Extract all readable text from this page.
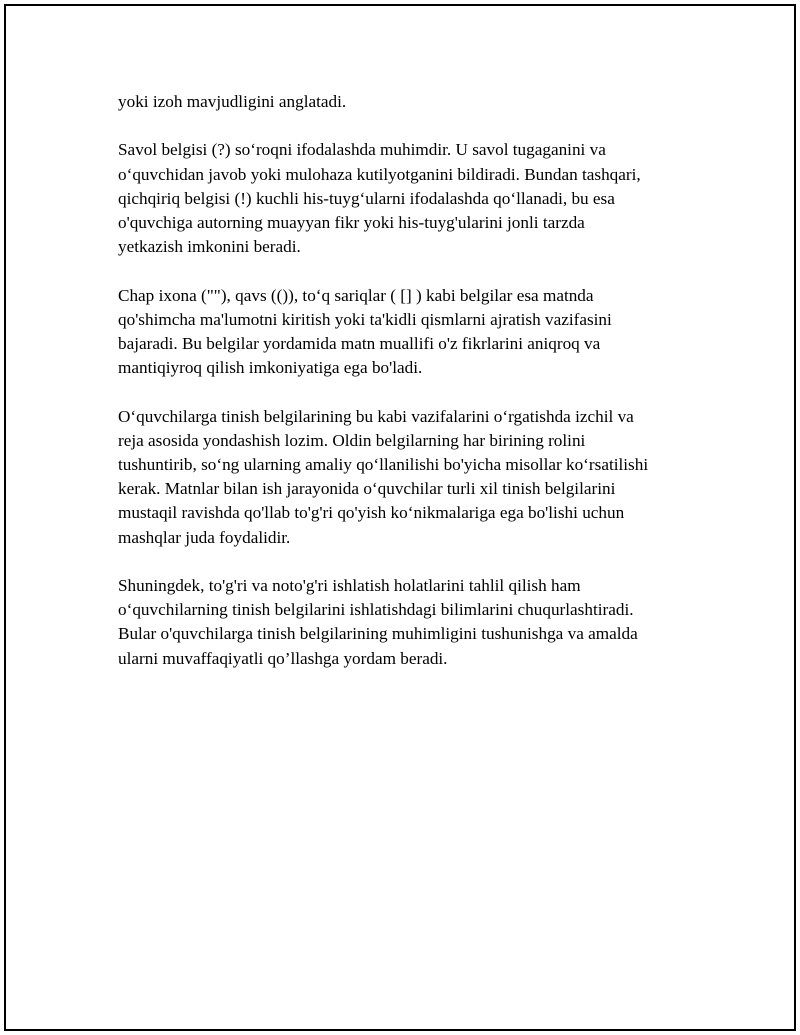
yoki izoh mavjudligini anglatadi.

Savol belgisi (?) so‘roqni ifodalashda muhimdir. U savol tugaganini va
o‘quvchidan javob yoki mulohaza kutilyotganini bildiradi. Bundan tashqari,
qichqiriq belgisi (!) kuchli his-tuyg‘ularni ifodalashda qo‘llanadi, bu esa
o'quvchiga autorning muayyan fikr yoki his-tuyg'ularini jonli tarzda
yetkazish imkonini beradi.

Chap ixona (""), qavs (()), to‘q sariqlar ( [] ) kabi belgilar esa matnda
qo'shimcha ma'lumotni kiritish yoki ta'kidli qismlarni ajratish vazifasini
bajaradi. Bu belgilar yordamida matn muallifi o'z fikrlarini aniqroq va
mantiqiyroq qilish imkoniyatiga ega bo'ladi.

O‘quvchilarga tinish belgilarining bu kabi vazifalarini o‘rgatishda izchil va
reja asosida yondashish lozim. Oldin belgilarning har birining rolini
tushuntirib, so‘ng ularning amaliy qo‘llanilishi bo'yicha misollar ko‘rsatilishi
kerak. Matnlar bilan ish jarayonida o‘quvchilar turli xil tinish belgilarini
mustaqil ravishda qo'llab to'g'ri qo'yish ko‘nikmalariga ega bo'lishi uchun
mashqlar juda foydalidir.

Shuningdek, to'g'ri va noto'g'ri ishlatish holatlarini tahlil qilish ham
o‘quvchilarning tinish belgilarini ishlatishdagi bilimlarini chuqurlashtiradi.
Bular o'quvchilarga tinish belgilarining muhimligini tushunishga va amalda
ularni muvaffaqiyatli qo’llashga yordam beradi.
